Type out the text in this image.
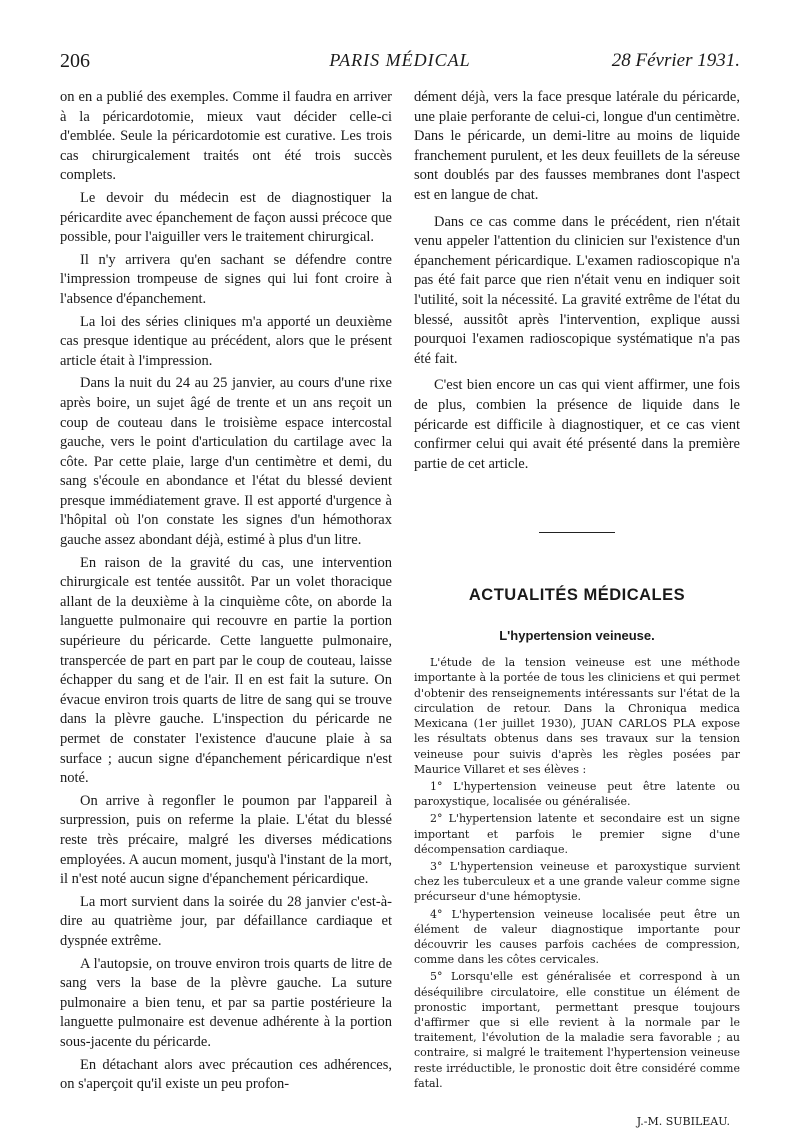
206	PARIS MÉDICAL	28 Février 1931.

on en a publié des exemples. Comme il faudra en arriver à la péricardotomie, mieux vaut décider celle-ci d'emblée. Seule la péricardotomie est curative. Les trois cas chirurgicalement traités ont été trois succès complets.

Le devoir du médecin est de diagnostiquer la péricardite avec épanchement de façon aussi précoce que possible, pour l'aiguiller vers le traitement chirurgical.

Il n'y arrivera qu'en sachant se défendre contre l'impression trompeuse de signes qui lui font croire à l'absence d'épanchement.

La loi des séries cliniques m'a apporté un deuxième cas presque identique au précédent, alors que le présent article était à l'impression.

Dans la nuit du 24 au 25 janvier, au cours d'une rixe après boire, un sujet âgé de trente et un ans reçoit un coup de couteau dans le troisième espace intercostal gauche, vers le point d'articulation du cartilage avec la côte. Par cette plaie, large d'un centimètre et demi, du sang s'écoule en abondance et l'état du blessé devient presque immédiatement grave. Il est apporté d'urgence à l'hôpital où l'on constate les signes d'un hémothorax gauche assez abondant déjà, estimé à plus d'un litre.

En raison de la gravité du cas, une intervention chirurgicale est tentée aussitôt. Par un volet thoracique allant de la deuxième à la cinquième côte, on aborde la languette pulmonaire qui recouvre en partie la portion supérieure du péricarde. Cette languette pulmonaire, transpercée de part en part par le coup de couteau, laisse échapper du sang et de l'air. Il en est fait la suture. On évacue environ trois quarts de litre de sang qui se trouve dans la plèvre gauche. L'inspection du péricarde ne permet de constater l'existence d'aucune plaie à sa surface ; aucun signe d'épanchement péricardique n'est noté.

On arrive à regonfler le poumon par l'appareil à surpression, puis on referme la plaie. L'état du blessé reste très précaire, malgré les diverses médications employées. A aucun moment, jusqu'à l'instant de la mort, il n'est noté aucun signe d'épanchement péricardique.

La mort survient dans la soirée du 28 janvier c'est-à-dire au quatrième jour, par défaillance cardiaque et dyspnée extrême.

A l'autopsie, on trouve environ trois quarts de litre de sang vers la base de la plèvre gauche. La suture pulmonaire a bien tenu, et par sa partie postérieure la languette pulmonaire est devenue adhérente à la portion sous-jacente du péricarde.

En détachant alors avec précaution ces adhérences, on s'aperçoit qu'il existe un peu profon-

dément déjà, vers la face presque latérale du péricarde, une plaie perforante de celui-ci, longue d'un centimètre. Dans le péricarde, un demi-litre au moins de liquide franchement purulent, et les deux feuillets de la séreuse sont doublés par des fausses membranes dont l'aspect est en langue de chat.

Dans ce cas comme dans le précédent, rien n'était venu appeler l'attention du clinicien sur l'existence d'un épanchement péricardique. L'examen radioscopique n'a pas été fait parce que rien n'était venu en indiquer soit l'utilité, soit la nécessité. La gravité extrême de l'état du blessé, aussitôt après l'intervention, explique aussi pourquoi l'examen radioscopique systématique n'a pas été fait.

C'est bien encore un cas qui vient affirmer, une fois de plus, combien la présence de liquide dans le péricarde est difficile à diagnostiquer, et ce cas vient confirmer celui qui avait été présenté dans la première partie de cet article.

ACTUALITÉS MÉDICALES
L'hypertension veineuse.

L'étude de la tension veineuse est une méthode importante à la portée de tous les cliniciens et qui permet d'obtenir des renseignements intéressants sur l'état de la circulation de retour. Dans la Chroniqua medica Mexicana (1er juillet 1930), JUAN CARLOS PLA expose les résultats obtenus dans ses travaux sur la tension veineuse pour suivis d'après les règles posées par Maurice Villaret et ses élèves :

1° L'hypertension veineuse peut être latente ou paroxystique, localisée ou généralisée.

2° L'hypertension latente et secondaire est un signe important et parfois le premier signe d'une décompensation cardiaque.

3° L'hypertension veineuse et paroxystique survient chez les tuberculeux et a une grande valeur comme signe précurseur d'une hémoptysie.

4° L'hypertension veineuse localisée peut être un élément de valeur diagnostique importante pour découvrir les causes parfois cachées de compression, comme dans les côtes cervicales.

5° Lorsqu'elle est généralisée et correspond à un déséquilibre circulatoire, elle constitue un élément de pronostic important, permettant presque toujours d'affirmer que si elle revient à la normale par le traitement, l'évolution de la maladie sera favorable ; au contraire, si malgré le traitement l'hypertension veineuse reste irréductible, le pronostic doit être considéré comme fatal.

J.-M. SUBILEAU.
